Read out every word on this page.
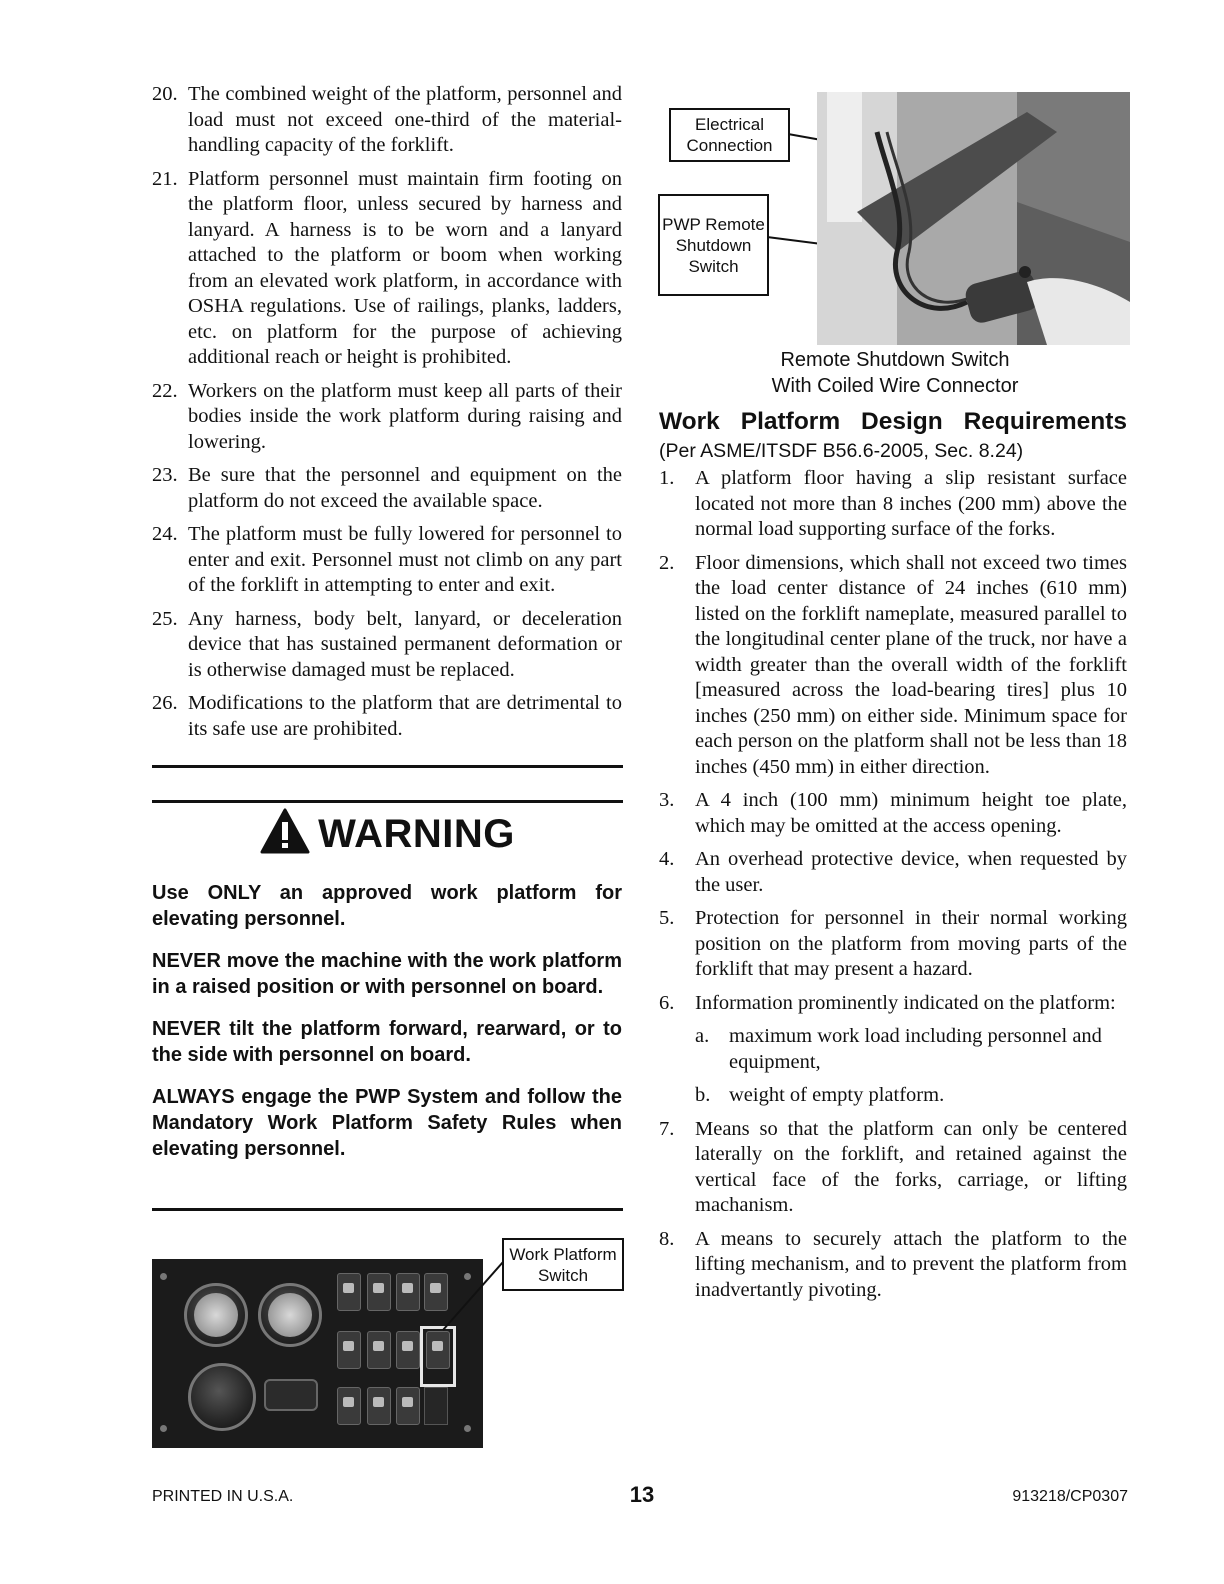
20. The combined weight of the platform, personnel and load must not exceed one-third of the material-handling capacity of the forklift.
21. Platform personnel must maintain firm footing on the platform floor, unless secured by harness and lanyard. A harness is to be worn and a lanyard attached to the platform or boom when working from an elevated work platform, in accordance with OSHA regulations. Use of railings, planks, ladders, etc. on platform for the purpose of achieving additional reach or height is prohibited.
22. Workers on the platform must keep all parts of their bodies inside the work platform during raising and lowering.
23. Be sure that the personnel and equipment on the platform do not exceed the available space.
24. The platform must be fully lowered for personnel to enter and exit. Personnel must not climb on any part of the forklift in attempting to enter and exit.
25. Any harness, body belt, lanyard, or deceleration device that has sustained permanent deformation or is otherwise damaged must be replaced.
26. Modifications to the platform that are detrimental to its safe use are prohibited.
WARNING

Use ONLY an approved work platform for elevating personnel.

NEVER move the machine with the work platform in a raised position or with personnel on board.

NEVER tilt the platform forward, rearward, or to the side with personnel on board.

ALWAYS engage the PWP System and follow the Mandatory Work Platform Safety Rules when elevating personnel.

Work Platform Switch
Electrical Connection
PWP Remote Shutdown Switch
Remote Shutdown Switch
With Coiled Wire Connector
Work Platform Design Requirements
(Per ASME/ITSDF B56.6-2005, Sec. 8.24)
1. A platform floor having a slip resistant surface located not more than 8 inches (200 mm) above the normal load supporting surface of the forks.
2. Floor dimensions, which shall not exceed two times the load center distance of 24 inches (610 mm) listed on the forklift nameplate, measured parallel to the longitudinal center plane of the truck, nor have a width greater than the overall width of the forklift [measured across the load-bearing tires] plus 10 inches (250 mm) on either side. Minimum space for each person on the platform shall not be less than 18 inches (450 mm) in either direction.
3. A 4 inch (100 mm) minimum height toe plate, which may be omitted at the access opening.
4. An overhead protective device, when requested by the user.
5. Protection for personnel in their normal working position on the platform from moving parts of the forklift that may present a hazard.
6. Information prominently indicated on the platform:
a. maximum work load including personnel and equipment,
b. weight of empty platform.
7. Means so that the platform can only be centered laterally on the forklift, and retained against the vertical face of the forks, carriage, or lifting machanism.
8. A means to securely attach the platform to the lifting mechanism, and to prevent the platform from inadvertantly pivoting.
PRINTED IN U.S.A.	13	913218/CP0307
